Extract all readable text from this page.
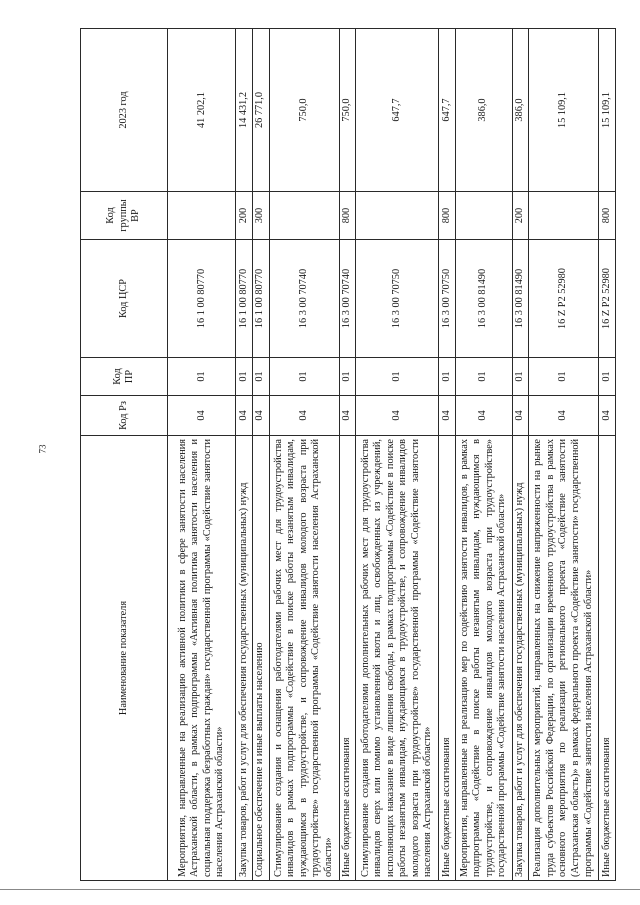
73
Наименование показателя	Код Рз	Код ПР	Код ЦСР	Код группы ВР	2023 год
Мероприятия, направленные на реализацию активной политики в сфере занятости населения Астраханской области, в рамках подпрограммы «Активная политика занятости населения и социальная поддержка безработных граждан» государственной программы «Содействие занятости населения Астраханской области»	04	01	16 1 00 80770		41 202,1
Закупка товаров, работ и услуг для обеспечения государственных (муниципальных) нужд	04	01	16 1 00 80770	200	14 431,2
Социальное обеспечение и иные выплаты населению	04	01	16 1 00 80770	300	26 771,0
Стимулирование создания и оснащения работодателями рабочих мест для трудоустройства инвалидов в рамках подпрограммы «Содействие в поиске работы незанятым инвалидам, нуждающимся в трудоустройстве, и сопровождение инвалидов молодого возраста при трудоустройстве» государственной программы «Содействие занятости населения Астраханской области»	04	01	16 3 00 70740		750,0
Иные бюджетные ассигнования	04	01	16 3 00 70740	800	750,0
Стимулирование создания работодателями дополнительных рабочих мест для трудоустройства инвалидов сверх или помимо установленной квоты и лиц, освобожденных из учреждений, исполняющих наказание в виде лишения свободы, в рамках подпрограммы «Содействие в поиске работы незанятым инвалидам, нуждающимся в трудоустройстве, и сопровождение инвалидов молодого возраста при трудоустройстве» государственной программы «Содействие занятости населения Астраханской области»	04	01	16 3 00 70750		647,7
Иные бюджетные ассигнования	04	01	16 3 00 70750	800	647,7
Мероприятия, направленные на реализацию мер по содействию занятости инвалидов, в рамках подпрограммы «Содействие в поиске работы незанятым инвалидам, нуждающимся в трудоустройстве, и сопровождение инвалидов молодого возраста при трудоустройстве» государственной программы «Содействие занятости населения Астраханской области»	04	01	16 3 00 81490		386,0
Закупка товаров, работ и услуг для обеспечения государственных (муниципальных) нужд	04	01	16 3 00 81490	200	386,0
Реализация дополнительных мероприятий, направленных на снижение напряженности на рынке труда субъектов Российской Федерации, по организации временного трудоустройства в рамках основного мероприятия по реализации регионального проекта «Содействие занятости (Астраханская область)» в рамках федерального проекта «Содействие занятости» государственной программы «Содействие занятости населения Астраханской области»	04	01	16 Z P2 52980		15 109,1
Иные бюджетные ассигнования	04	01	16 Z P2 52980	800	15 109,1
